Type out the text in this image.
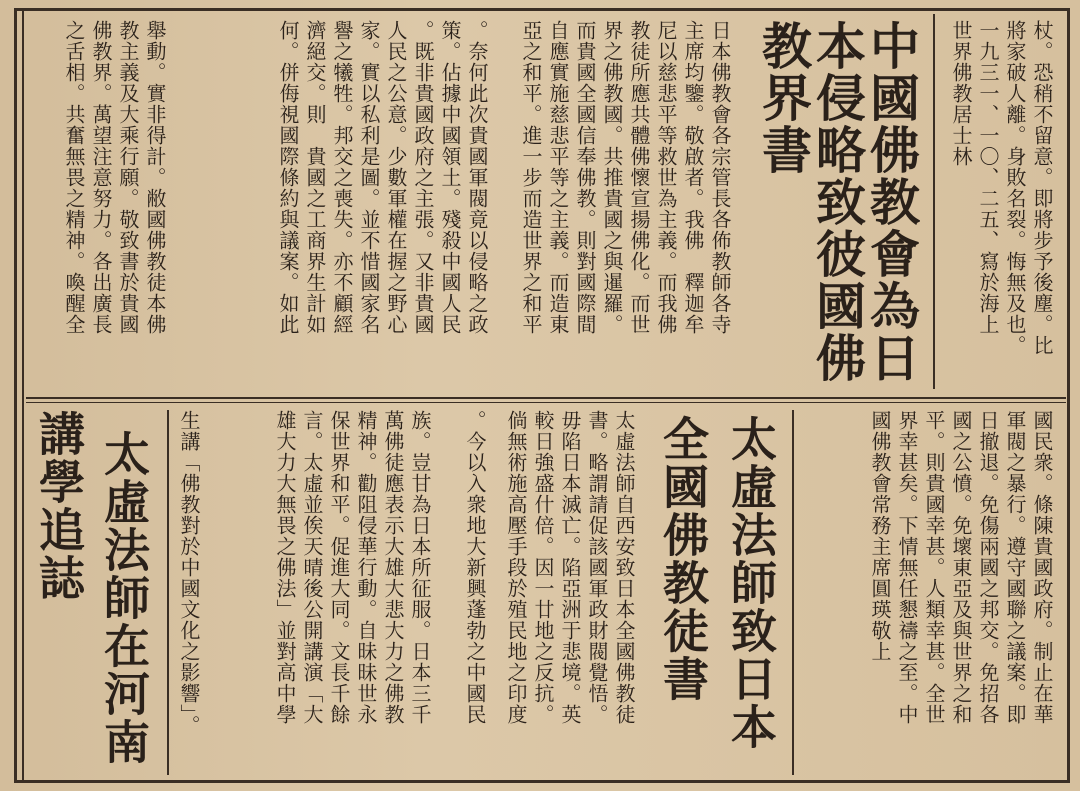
杖。恐稍不留意。即將步予後塵。比
將家破人離。身敗名裂。悔無及也。
一九三一、一〇、二五、寫於海上
世界佛教居士林
中國佛教會為日
本侵略致彼國佛
教界書
日本佛教會各宗管長各佈教師各寺
主席均鑒。敬啟者。我佛　釋迦牟
尼以慈悲平等救世為主義。而我佛
教徒所應共體佛懷宣揚佛化。而世
界之佛教國。共推貴國之與暹羅。
而貴國全國信奉佛教。則對國際間
自應實施慈悲平等之主義。而造東
亞之和平。進一步而造世界之和平
。奈何此次貴國軍閥竟以侵略之政
策。佔據中國領土。殘殺中國人民
。既非貴國政府之主張。又非貴國
人民之公意。少數軍權在握之野心
家。實以私利是圖。並不惜國家名
譽之犧牲。邦交之喪失。亦不顧經
濟絕交。則　貴國之工商界生計如
何。併侮視國際條約與議案。如此
舉動。實非得計。敝國佛教徒本佛
教主義及大乘行願。敬致書於貴國
佛教界。萬望注意努力。各出廣長
之舌相。共奮無畏之精神。喚醒全
國民衆。條陳貴國政府。制止在華
軍閥之暴行。遵守國聯之議案。即
日撤退。免傷兩國之邦交。免招各
國之公憤。免壞東亞及與世界之和
平。則貴國幸甚。人類幸甚。全世
界幸甚矣。下情無任懇禱之至。中
國佛教會常務主席圓瑛敬上
太虛法師致日本
全國佛教徒書
太虛法師自西安致日本全國佛教徒
書。略謂請促該國軍政財閥覺悟。
毋陷日本滅亡。陷亞洲于悲境。英
較日強盛什倍。因一廿地之反抗。
倘無術施高壓手段於殖民地之印度
。今以入衆地大新興蓬勃之中國民
族。豈甘為日本所征服。日本三千
萬佛徒應表示大雄大悲大力之佛教
精神。勸阻侵華行動。自昧昧世永
保世界和平。促進大同。文長千餘
言。太虛並俟天晴後公開講演「大
雄大力大無畏之佛法」並對高中學
生講「佛教對於中國文化之影響」。
太虛法師在河南
講學追誌
